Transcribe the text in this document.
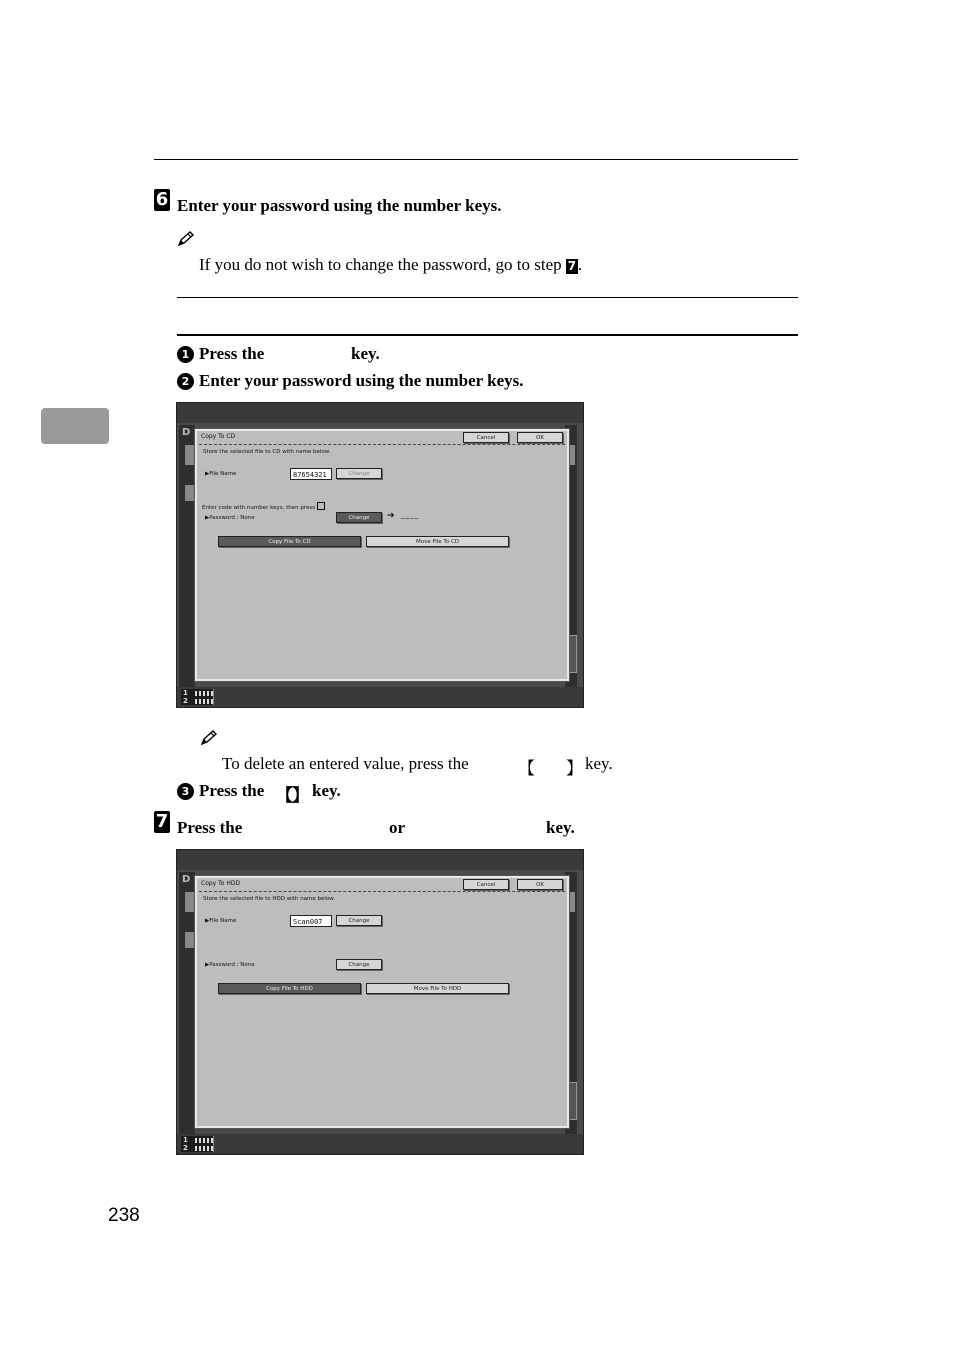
6 Enter your password using the number keys.
If you do not wish to change the password, go to step 7 .
1 Press the	key.
2 Enter your password using the number keys.
D Copy To CD	Cancel	OK
Store the selected file to CD with name below.
▶File Name	87654321	Change
Enter code with number keys, then press
▶Password : None	Change	➔ ____
Copy File To CD	Move File To CD
1
2
To delete an entered value, press the	【 】 key.
3 Press the 【 】 key.
7 Press the	or	key.
D Copy To HDD	Cancel	OK
Store the selected file to HDD with name below.
▶File Name	Scan007	Change
▶Password : None	Change
Copy File To HDD	Move File To HDD
1
2
238
